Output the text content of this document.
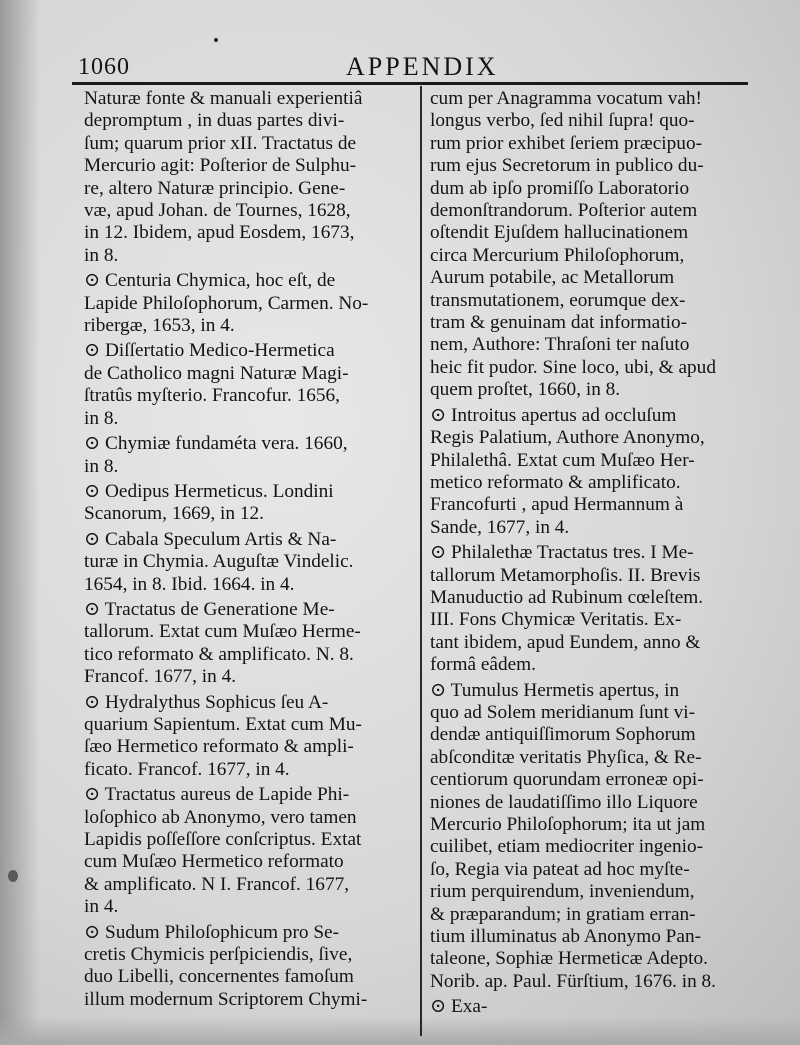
1060	APPENDIX
Naturæ fonte & manuali experientiâ
depromptum , in duas partes divi-
ſum; quarum prior xII. Tractatus de
Mercurio agit: Poſterior de Sulphu-
re, altero Naturæ principio. Gene-
væ, apud Johan. de Tournes, 1628,
in 12. Ibidem, apud Eosdem, 1673,
in 8.
⊙ Centuria Chymica, hoc eſt, de
Lapide Philoſophorum, Carmen. No-
ribergæ, 1653, in 4.
⊙ Diſſertatio Medico-Hermetica
de Catholico magni Naturæ Magi-
ſtratûs myſterio. Francofur. 1656,
in 8.
⊙ Chymiæ fundaméta vera. 1660,
in 8.
⊙ Oedipus Hermeticus. Londini
Scanorum, 1669, in 12.
⊙ Cabala Speculum Artis & Na-
turæ in Chymia. Auguſtæ Vindelic.
1654, in 8. Ibid. 1664. in 4.
⊙ Tractatus de Generatione Me-
tallorum. Extat cum Muſæo Herme-
tico reformato & amplificato. N. 8.
Francof. 1677, in 4.
⊙ Hydralythus Sophicus ſeu A-
quarium Sapientum. Extat cum Mu-
ſæo Hermetico reformato & ampli-
ficato. Francof. 1677, in 4.
⊙ Tractatus aureus de Lapide Phi-
loſophico ab Anonymo, vero tamen
Lapidis poſſeſſore conſcriptus. Extat
cum Muſæo Hermetico reformato
& amplificato. N I. Francof. 1677,
in 4.
⊙ Sudum Philoſophicum pro Se-
cretis Chymicis perſpiciendis, ſive,
duo Libelli, concernentes famoſum
illum modernum Scriptorem Chymi-
cum per Anagramma vocatum vah!
longus verbo, ſed nihil ſupra! quo-
rum prior exhibet ſeriem præcipuo-
rum ejus Secretorum in publico du-
dum ab ipſo promiſſo Laboratorio
demonſtrandorum. Poſterior autem
oſtendit Ejuſdem hallucinationem
circa Mercurium Philoſophorum,
Aurum potabile, ac Metallorum
transmutationem, eorumque dex-
tram & genuinam dat informatio-
nem, Authore: Thraſoni ter naſuto
heic fit pudor. Sine loco, ubi, & apud
quem proſtet, 1660, in 8.
⊙ Introitus apertus ad occluſum
Regis Palatium, Authore Anonymo,
Philalethâ. Extat cum Muſæo Her-
metico reformato & amplificato.
Francofurti , apud Hermannum à
Sande, 1677, in 4.
⊙ Philalethæ Tractatus tres. I Me-
tallorum Metamorphoſis. II. Brevis
Manuductio ad Rubinum cœleſtem.
III. Fons Chymicæ Veritatis. Ex-
tant ibidem, apud Eundem, anno &
formâ eâdem.
⊙ Tumulus Hermetis apertus, in
quo ad Solem meridianum ſunt vi-
dendæ antiquiſſimorum Sophorum
abſconditæ veritatis Phyſica, & Re-
centiorum quorundam erroneæ opi-
niones de laudatiſſimo illo Liquore
Mercurio Philoſophorum; ita ut jam
cuilibet, etiam mediocriter ingenio-
ſo, Regia via pateat ad hoc myſte-
rium perquirendum, inveniendum,
& præparandum; in gratiam erran-
tium illuminatus ab Anonymo Pan-
taleone, Sophiæ Hermeticæ Adepto.
Norib. ap. Paul. Fürſtium, 1676. in 8.
⊙ Exa-
